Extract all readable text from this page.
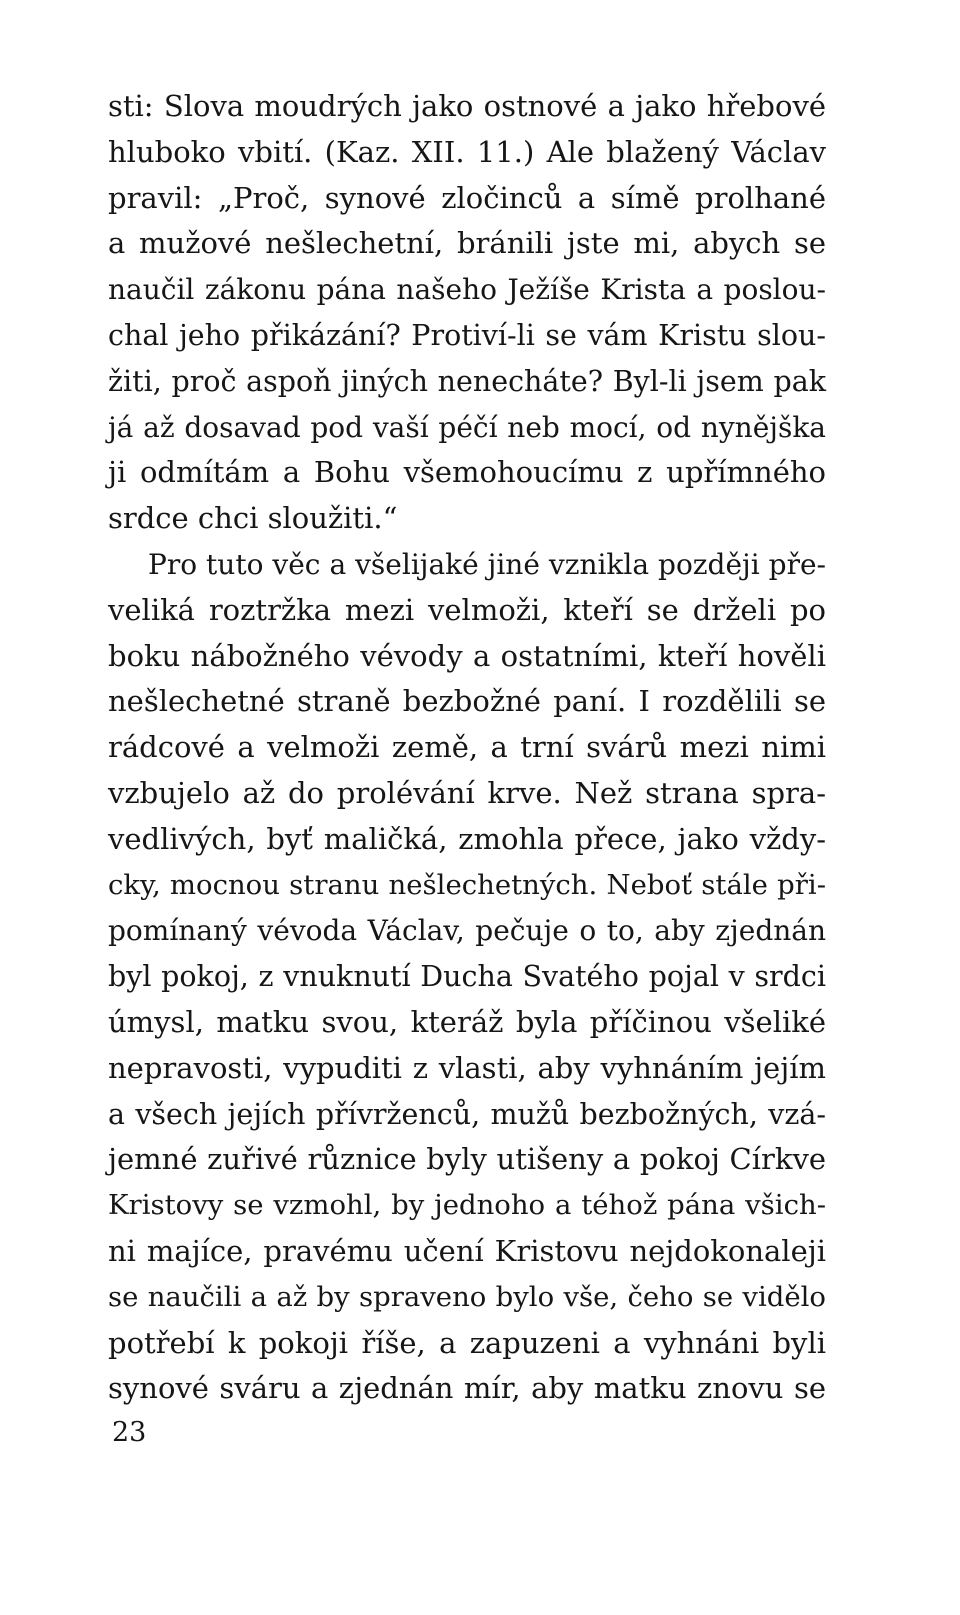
sti: Slova moudrých jako ostnové a jako hřebové
hluboko vbití. (Kaz. XII. 11.) Ale blažený Václav
pravil: „Proč, synové zločinců a símě prolhané
a mužové nešlechetní, bránili jste mi, abych se
naučil zákonu pána našeho Ježíše Krista a poslou-
chal jeho přikázání? Protiví-li se vám Kristu slou-
žiti, proč aspoň jiných nenecháte? Byl-li jsem pak
já až dosavad pod vaší péčí neb mocí, od nynějška
ji odmítám a Bohu všemohoucímu z upřímného
srdce chci sloužiti.“
Pro tuto věc a všelijaké jiné vznikla později pře-
veliká roztržka mezi velmoži, kteří se drželi po
boku nábožného vévody a ostatními, kteří hověli
nešlechetné straně bezbožné paní. I rozdělili se
rádcové a velmoži země, a trní svárů mezi nimi
vzbujelo až do prolévání krve. Než strana spra-
vedlivých, byť maličká, zmohla přece, jako vždy-
cky, mocnou stranu nešlechetných. Neboť stále při-
pomínaný vévoda Václav, pečuje o to, aby zjednán
byl pokoj, z vnuknutí Ducha Svatého pojal v srdci
úmysl, matku svou, kteráž byla příčinou všeliké
nepravosti, vypuditi z vlasti, aby vyhnáním jejím
a všech jejích přívrženců, mužů bezbožných, vzá-
jemné zuřivé různice byly utišeny a pokoj Církve
Kristovy se vzmohl, by jednoho a téhož pána všich-
ni majíce, pravému učení Kristovu nejdokonaleji
se naučili a až by spraveno bylo vše, čeho se vidělo
potřebí k pokoji říše, a zapuzeni a vyhnáni byli
synové sváru a zjednán mír, aby matku znovu se
23
